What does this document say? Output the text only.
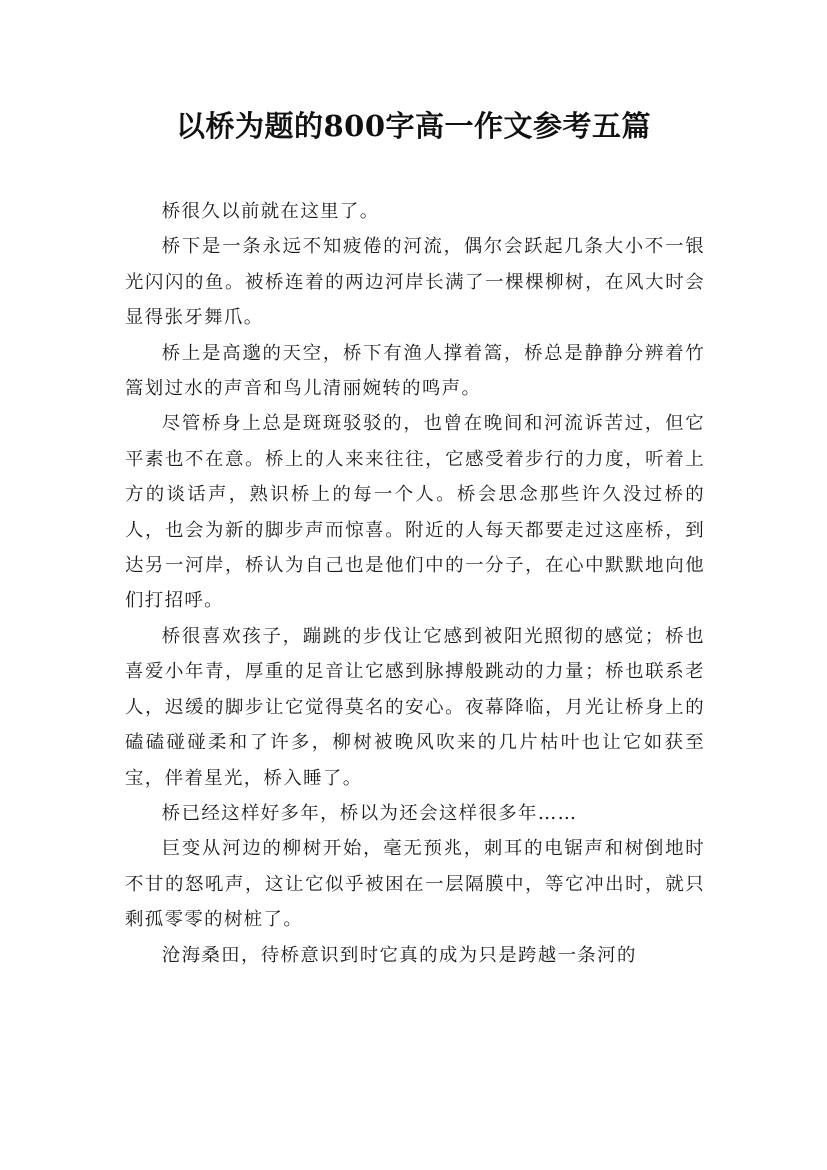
以桥为题的800字高一作文参考五篇

桥很久以前就在这里了。

桥下是一条永远不知疲倦的河流，偶尔会跃起几条大小不一银光闪闪的鱼。被桥连着的两边河岸长满了一棵棵柳树，在风大时会显得张牙舞爪。

桥上是高邈的天空，桥下有渔人撑着篙，桥总是静静分辨着竹篙划过水的声音和鸟儿清丽婉转的鸣声。

尽管桥身上总是斑斑驳驳的，也曾在晚间和河流诉苦过，但它平素也不在意。桥上的人来来往往，它感受着步行的力度，听着上方的谈话声，熟识桥上的每一个人。桥会思念那些许久没过桥的人，也会为新的脚步声而惊喜。附近的人每天都要走过这座桥，到达另一河岸，桥认为自己也是他们中的一分子，在心中默默地向他们打招呼。

桥很喜欢孩子，蹦跳的步伐让它感到被阳光照彻的感觉；桥也喜爱小年青，厚重的足音让它感到脉搏般跳动的力量；桥也联系老人，迟缓的脚步让它觉得莫名的安心。夜幕降临，月光让桥身上的磕磕碰碰柔和了许多，柳树被晚风吹来的几片枯叶也让它如获至宝，伴着星光，桥入睡了。

桥已经这样好多年，桥以为还会这样很多年……

巨变从河边的柳树开始，毫无预兆，刺耳的电锯声和树倒地时不甘的怒吼声，这让它似乎被困在一层隔膜中，等它冲出时，就只剩孤零零的树桩了。

沧海桑田，待桥意识到时它真的成为只是跨越一条河的
